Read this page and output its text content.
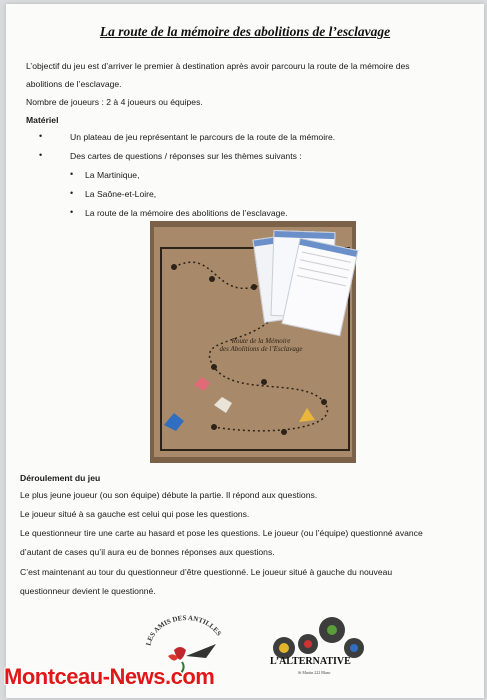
La route de la mémoire des abolitions de l’esclavage
L’objectif du jeu est d’arriver le premier à destination après avoir parcouru la route de la mémoire des
abolitions de l’esclavage.
Nombre de joueurs : 2 à 4 joueurs ou équipes.
Matériel
•	Un plateau de jeu représentant le parcours de la route de la mémoire.
•	Des cartes de questions / réponses sur les thèmes suivants :
• La Martinique,
• La Saône-et-Loire,
• La route de la mémoire des abolitions de l’esclavage.
Route de la Mémoire
des Abolitions de l’Esclavage
Déroulement du jeu
Le plus jeune joueur (ou son équipe) débute la partie. Il répond aux questions.
Le joueur situé à sa gauche est celui qui pose les questions.
Le questionneur tire une carte au hasard et pose les questions. Le joueur (ou l’équipe) questionné avance
d’autant de cases qu’il aura eu de bonnes réponses aux questions.
C’est maintenant au tour du questionneur d’être questionné. Le joueur situé à gauche du nouveau
questionneur devient le questionné.
LES AMIS DES ANTILLES
L’ALTERNATIVE
St Martin 222 Blanc
Montceau-News.com
